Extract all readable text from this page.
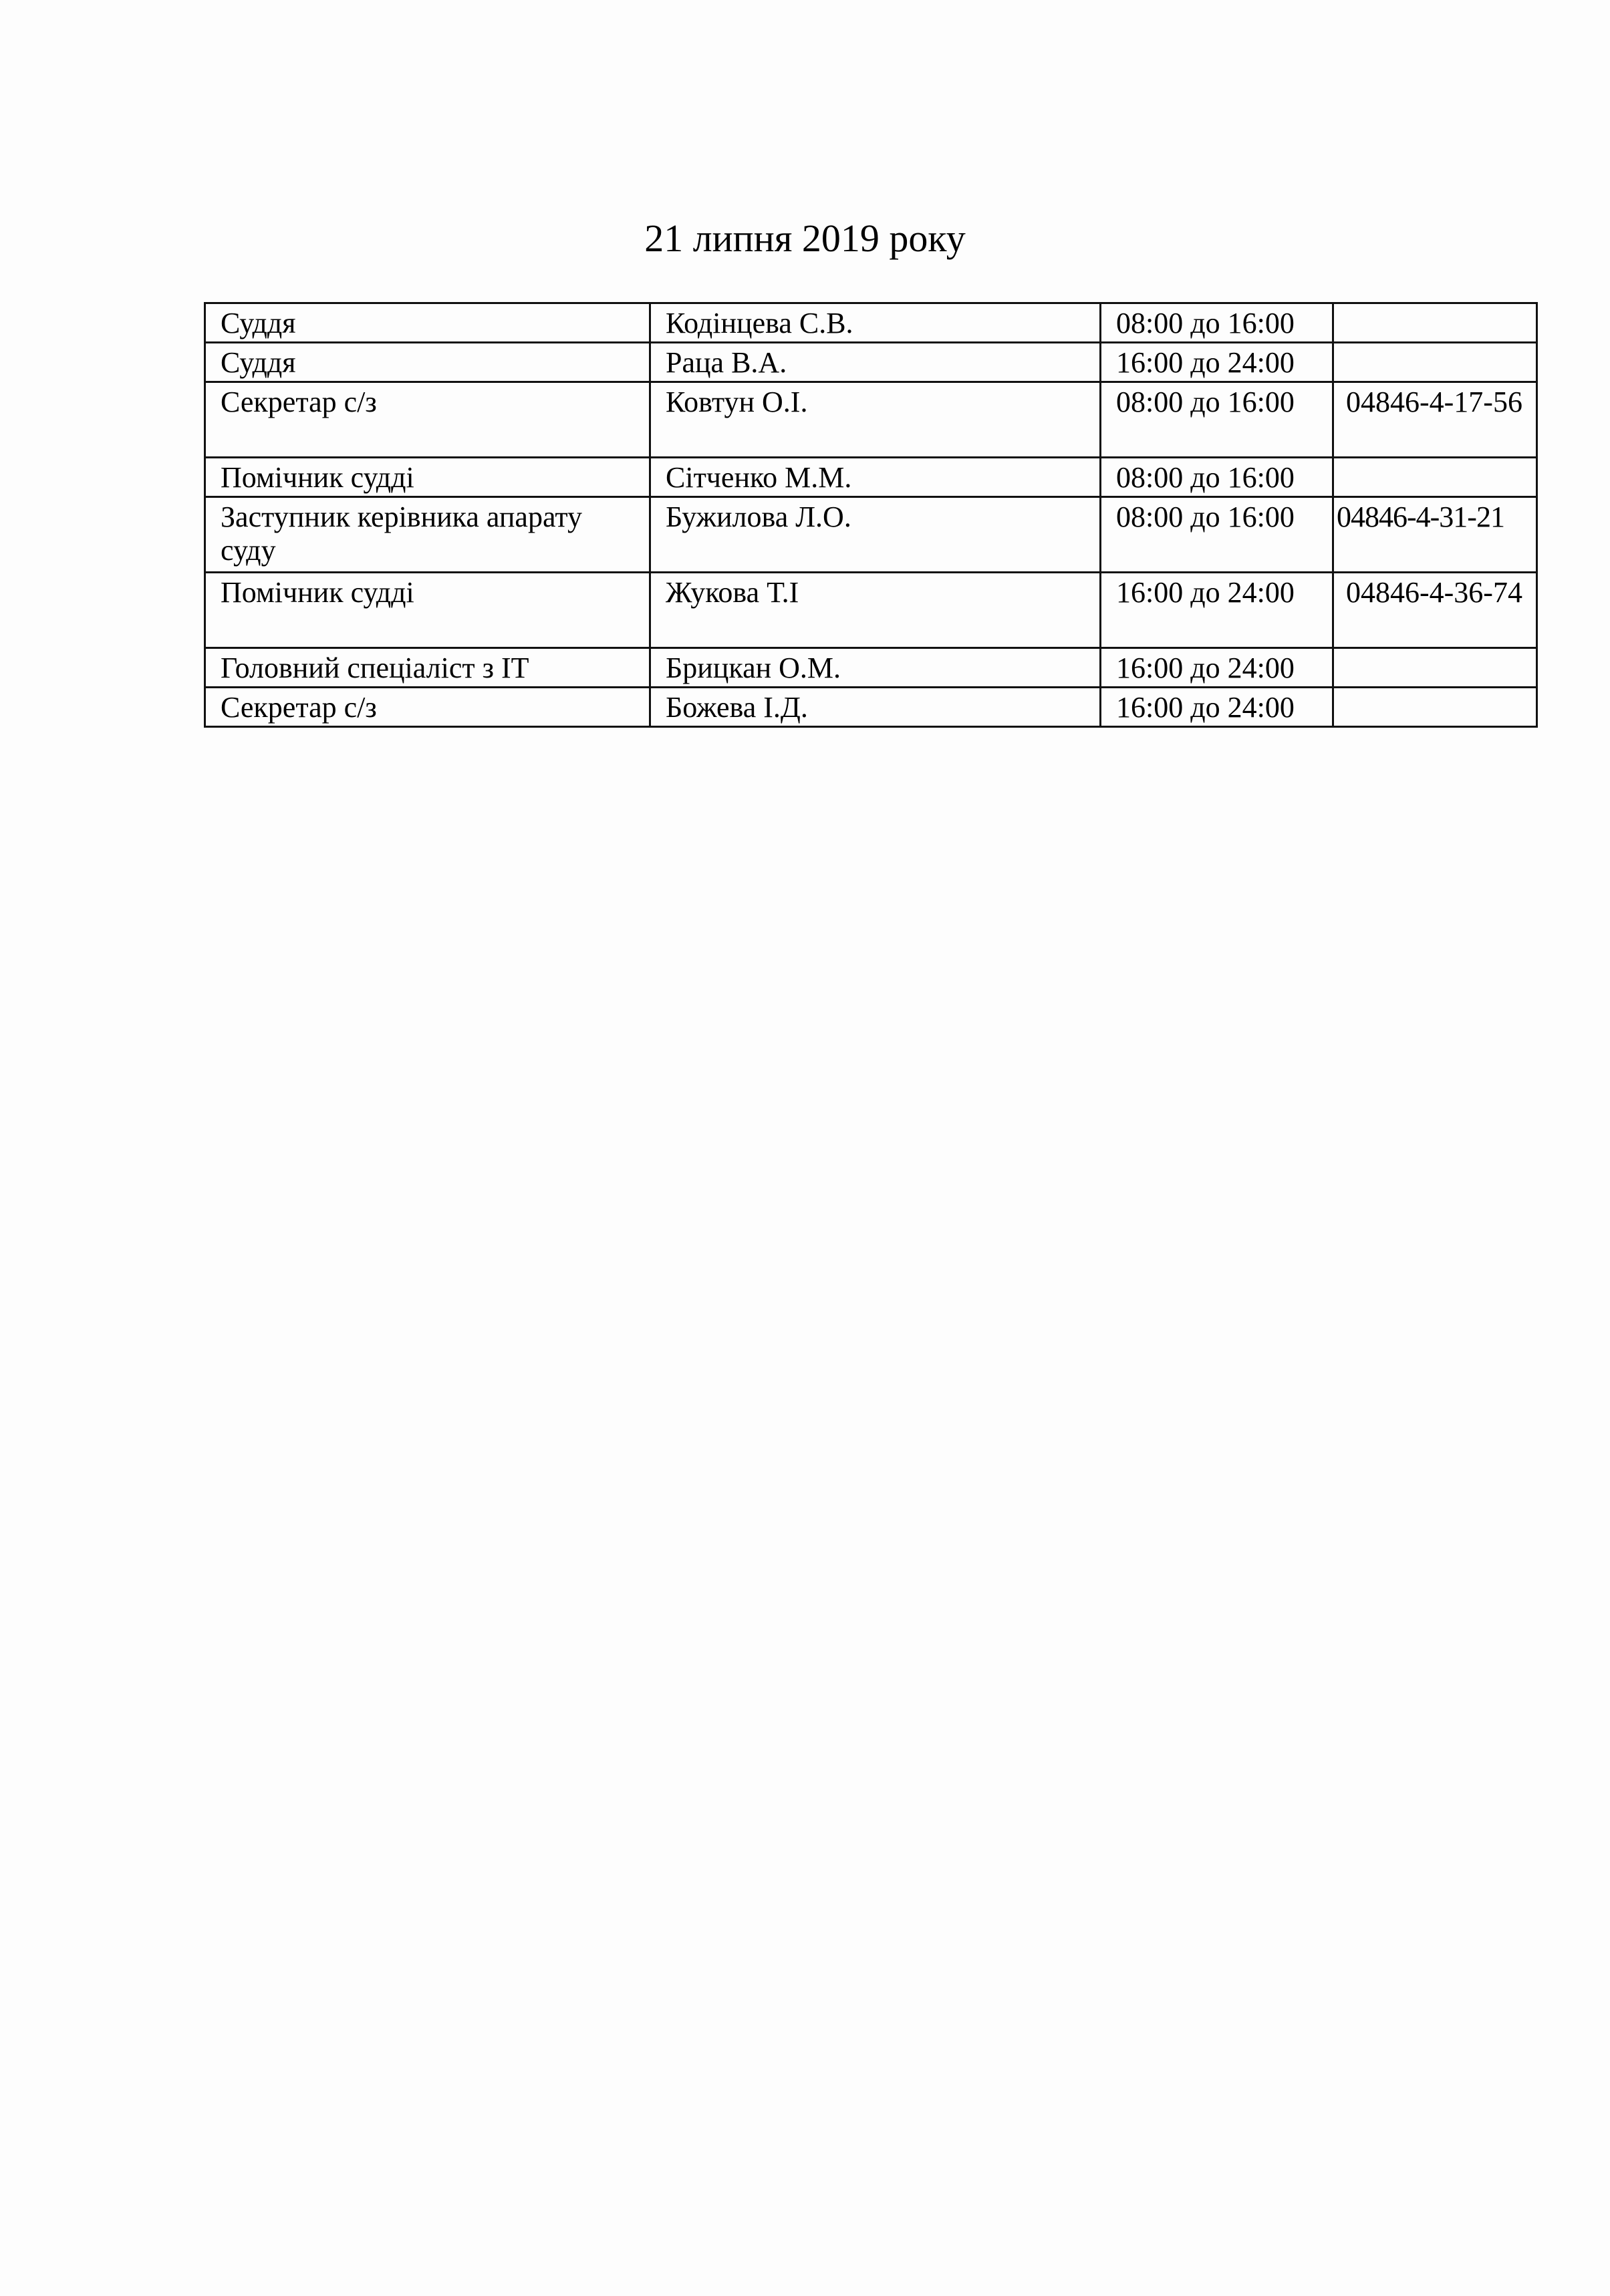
21 липня 2019 року
Суддя	Кодінцева С.В.	08:00 до 16:00	
Суддя	Раца В.А.	16:00 до 24:00	
Секретар с/з	Ковтун О.І.	08:00 до 16:00	04846-4-17-56
Помічник судді	Сітченко М.М.	08:00 до 16:00	
Заступник керівника апарату суду	Бужилова Л.О.	08:00 до 16:00	04846-4-31-21
Помічник судді	Жукова Т.І	16:00 до 24:00	04846-4-36-74
Головний спеціаліст з ІТ	Брицкан О.М.	16:00 до 24:00	
Секретар с/з	Божева І.Д.	16:00 до 24:00	
